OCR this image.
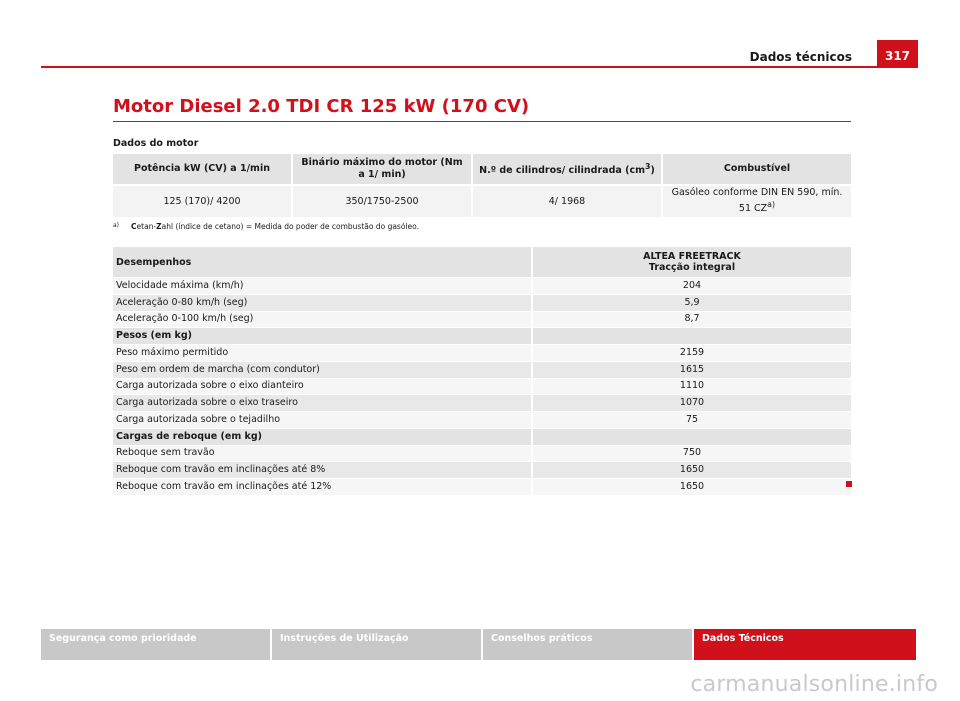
Dados técnicos	317
Motor Diesel 2.0 TDI CR 125 kW (170 CV)
Dados do motor
Potência kW (CV) a 1/min	Binário máximo do motor (Nm a 1/ min)	N.º de cilindros/ cilindrada $(cm^3)$	Combustível
125 (170)/ 4200	350/1750-2500	4/ 1968	Gasóleo conforme DIN EN 590, mín. 51 CZ$^{a)}$
$^{a)}$ Cetan-Zahl (índice de cetano) = Medida do poder de combustão do gasóleo.
Desempenhos	ALTEA FREETRACK
Tracção integral

Velocidade máxima (km/h)	204
Aceleração 0-80 km/h (seg)	5,9
Aceleração 0-100 km/h (seg)	8,7
Pesos (em kg)	
Peso máximo permitido	2159
Peso em ordem de marcha (com condutor)	1615
Carga autorizada sobre o eixo dianteiro	1110
Carga autorizada sobre o eixo traseiro	1070
Carga autorizada sobre o tejadilho	75
Cargas de reboque (em kg)	
Reboque sem travão	750
Reboque com travão em inclinações até 8%	1650
Reboque com travão em inclinações até 12%	1650
Segurança como prioridade	Instruções de Utilização	Conselhos práticos	Dados Técnicos
carmanualsonline.info
